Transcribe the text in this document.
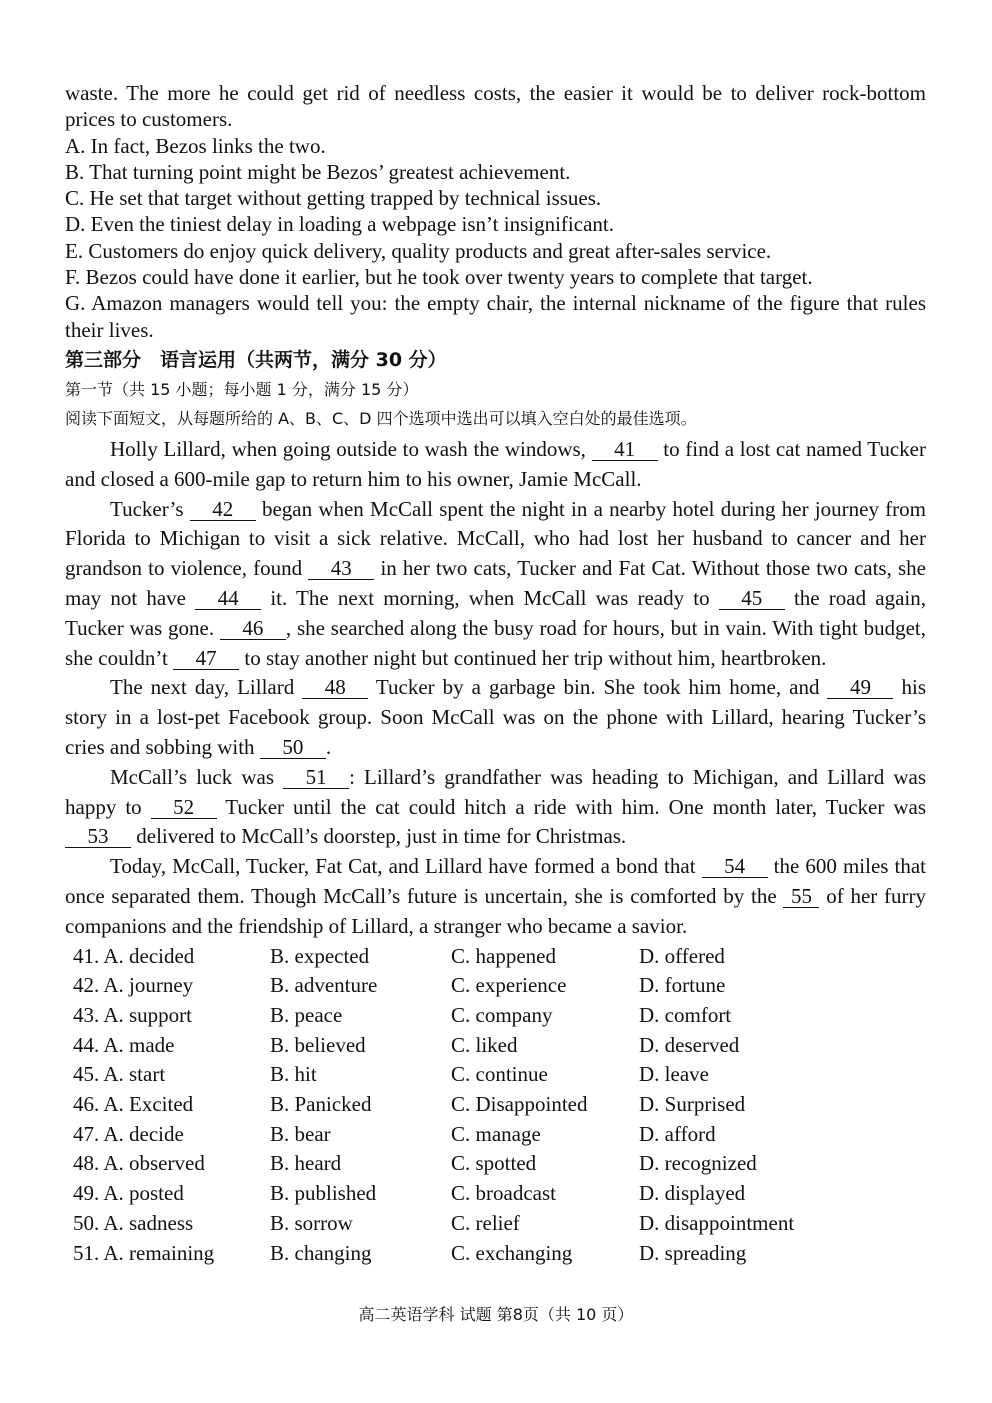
waste. The more he could get rid of needless costs, the easier it would be to deliver rock-bottom prices to customers.
A. In fact, Bezos links the two.
B. That turning point might be Bezos’ greatest achievement.
C. He set that target without getting trapped by technical issues.
D. Even the tiniest delay in loading a webpage isn’t insignificant.
E. Customers do enjoy quick delivery, quality products and great after-sales service.
F. Bezos could have done it earlier, but he took over twenty years to complete that target.
G. Amazon managers would tell you: the empty chair, the internal nickname of the figure that rules their lives.
第三部分　语言运用（共两节，满分 30 分）
第一节（共 15 小题；每小题 1 分，满分 15 分）
阅读下面短文，从每题所给的 A、B、C、D 四个选项中选出可以填入空白处的最佳选项。

Holly Lillard, when going outside to wash the windows, 41 to find a lost cat named Tucker and closed a 600-mile gap to return him to his owner, Jamie McCall.

Tucker’s 42 began when McCall spent the night in a nearby hotel during her journey from Florida to Michigan to visit a sick relative. McCall, who had lost her husband to cancer and her grandson to violence, found 43 in her two cats, Tucker and Fat Cat. Without those two cats, she may not have 44 it. The next morning, when McCall was ready to 45 the road again, Tucker was gone. 46 , she searched along the busy road for hours, but in vain. With tight budget, she couldn’t 47 to stay another night but continued her trip without him, heartbroken.

The next day, Lillard 48 Tucker by a garbage bin. She took him home, and 49 his story in a lost-pet Facebook group. Soon McCall was on the phone with Lillard, hearing Tucker’s cries and sobbing with 50 .

McCall’s luck was 51 : Lillard’s grandfather was heading to Michigan, and Lillard was happy to 52 Tucker until the cat could hitch a ride with him. One month later, Tucker was 53 delivered to McCall’s doorstep, just in time for Christmas.

Today, McCall, Tucker, Fat Cat, and Lillard have formed a bond that 54 the 600 miles that once separated them. Though McCall’s future is uncertain, she is comforted by the 55 of her furry companions and the friendship of Lillard, a stranger who became a savior.

41. A. decided	B. expected	C. happened	D. offered
42. A. journey	B. adventure	C. experience	D. fortune
43. A. support	B. peace	C. company	D. comfort
44. A. made	B. believed	C. liked	D. deserved
45. A. start	B. hit	C. continue	D. leave
46. A. Excited	B. Panicked	C. Disappointed	D. Surprised
47. A. decide	B. bear	C. manage	D. afford
48. A. observed	B. heard	C. spotted	D. recognized
49. A. posted	B. published	C. broadcast	D. displayed
50. A. sadness	B. sorrow	C. relief	D. disappointment
51. A. remaining	B. changing	C. exchanging	D. spreading
高二英语学科 试题 第8页（共 10 页）
